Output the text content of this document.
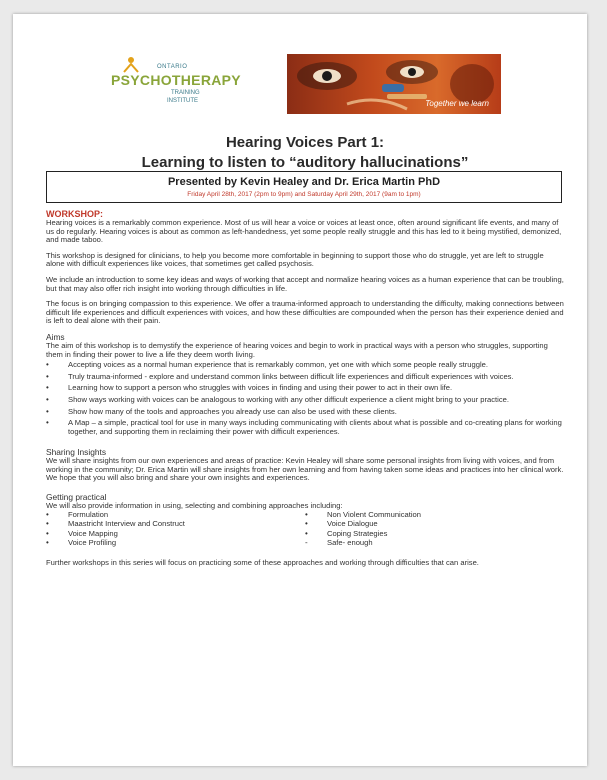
ONTARIO
PSYCHOTHERAPY
TRAINING
INSTITUTE	Together we learn
Hearing Voices Part 1:
Learning to listen to “auditory hallucinations”
Presented by Kevin Healey and Dr. Erica Martin PhD
Friday April 28th, 2017 (2pm to 9pm) and Saturday April 29th, 2017 (9am to 1pm)
WORKSHOP:

Hearing voices is a remarkably common experience. Most of us will hear a voice or voices at least once, often around significant life events, and many of us do regularly. Hearing voices is about as common as left-handedness, yet some people really struggle and this has led to it being mystified, demonized, and made taboo.

This workshop is designed for clinicians, to help you become more comfortable in beginning to support those who do struggle, yet are left to struggle alone with difficult experiences like voices, that sometimes get called psychosis.

We include an introduction to some key ideas and ways of working that accept and normalize hearing voices as a human experience that can be troubling, but that may also offer rich insight into working through difficulties in life.

The focus is on bringing compassion to this experience. We offer a trauma-informed approach to understanding the difficulty, making connections between difficult life experiences and difficult experiences with voices, and how these difficulties are compounded when the person has their experience denied and is left to deal alone with their pain.

Aims
The aim of this workshop is to demystify the experience of hearing voices and begin to work in practical ways with a person who struggles, supporting them in finding their power to live a life they deem worth living.
• Accepting voices as a normal human experience that is remarkably common, yet one with which some people really struggle.
• Truly trauma-informed - explore and understand common links between difficult life experiences and difficult experiences with voices.
• Learning how to support a person who struggles with voices in finding and using their power to act in their own life.
• Show ways working with voices can be analogous to working with any other difficult experience a client might bring to your practice.
• Show how many of the tools and approaches you already use can also be used with these clients.
• A Map – a simple, practical tool for use in many ways including communicating with clients about what is possible and co-creating plans for working together, and supporting them in reclaiming their power with difficult experiences.
Sharing Insights

We will share insights from our own experiences and areas of practice: Kevin Healey will share some personal insights from living with voices, and from working in the community; Dr. Erica Martin will share insights from her own learning and from having taken some ideas and practices into her clinical work. We hope that you will also bring and share your own insights and experiences.

Getting practical
We will also provide information in using, selecting and combining approaches including:
• Formulation
• Maastricht Interview and Construct
• Voice Mapping
• Voice Profiling
• Non Violent Communication
• Voice Dialogue
• Coping Strategies
- Safe- enough

Further workshops in this series will focus on practicing some of these approaches and working through difficulties that can arise.
